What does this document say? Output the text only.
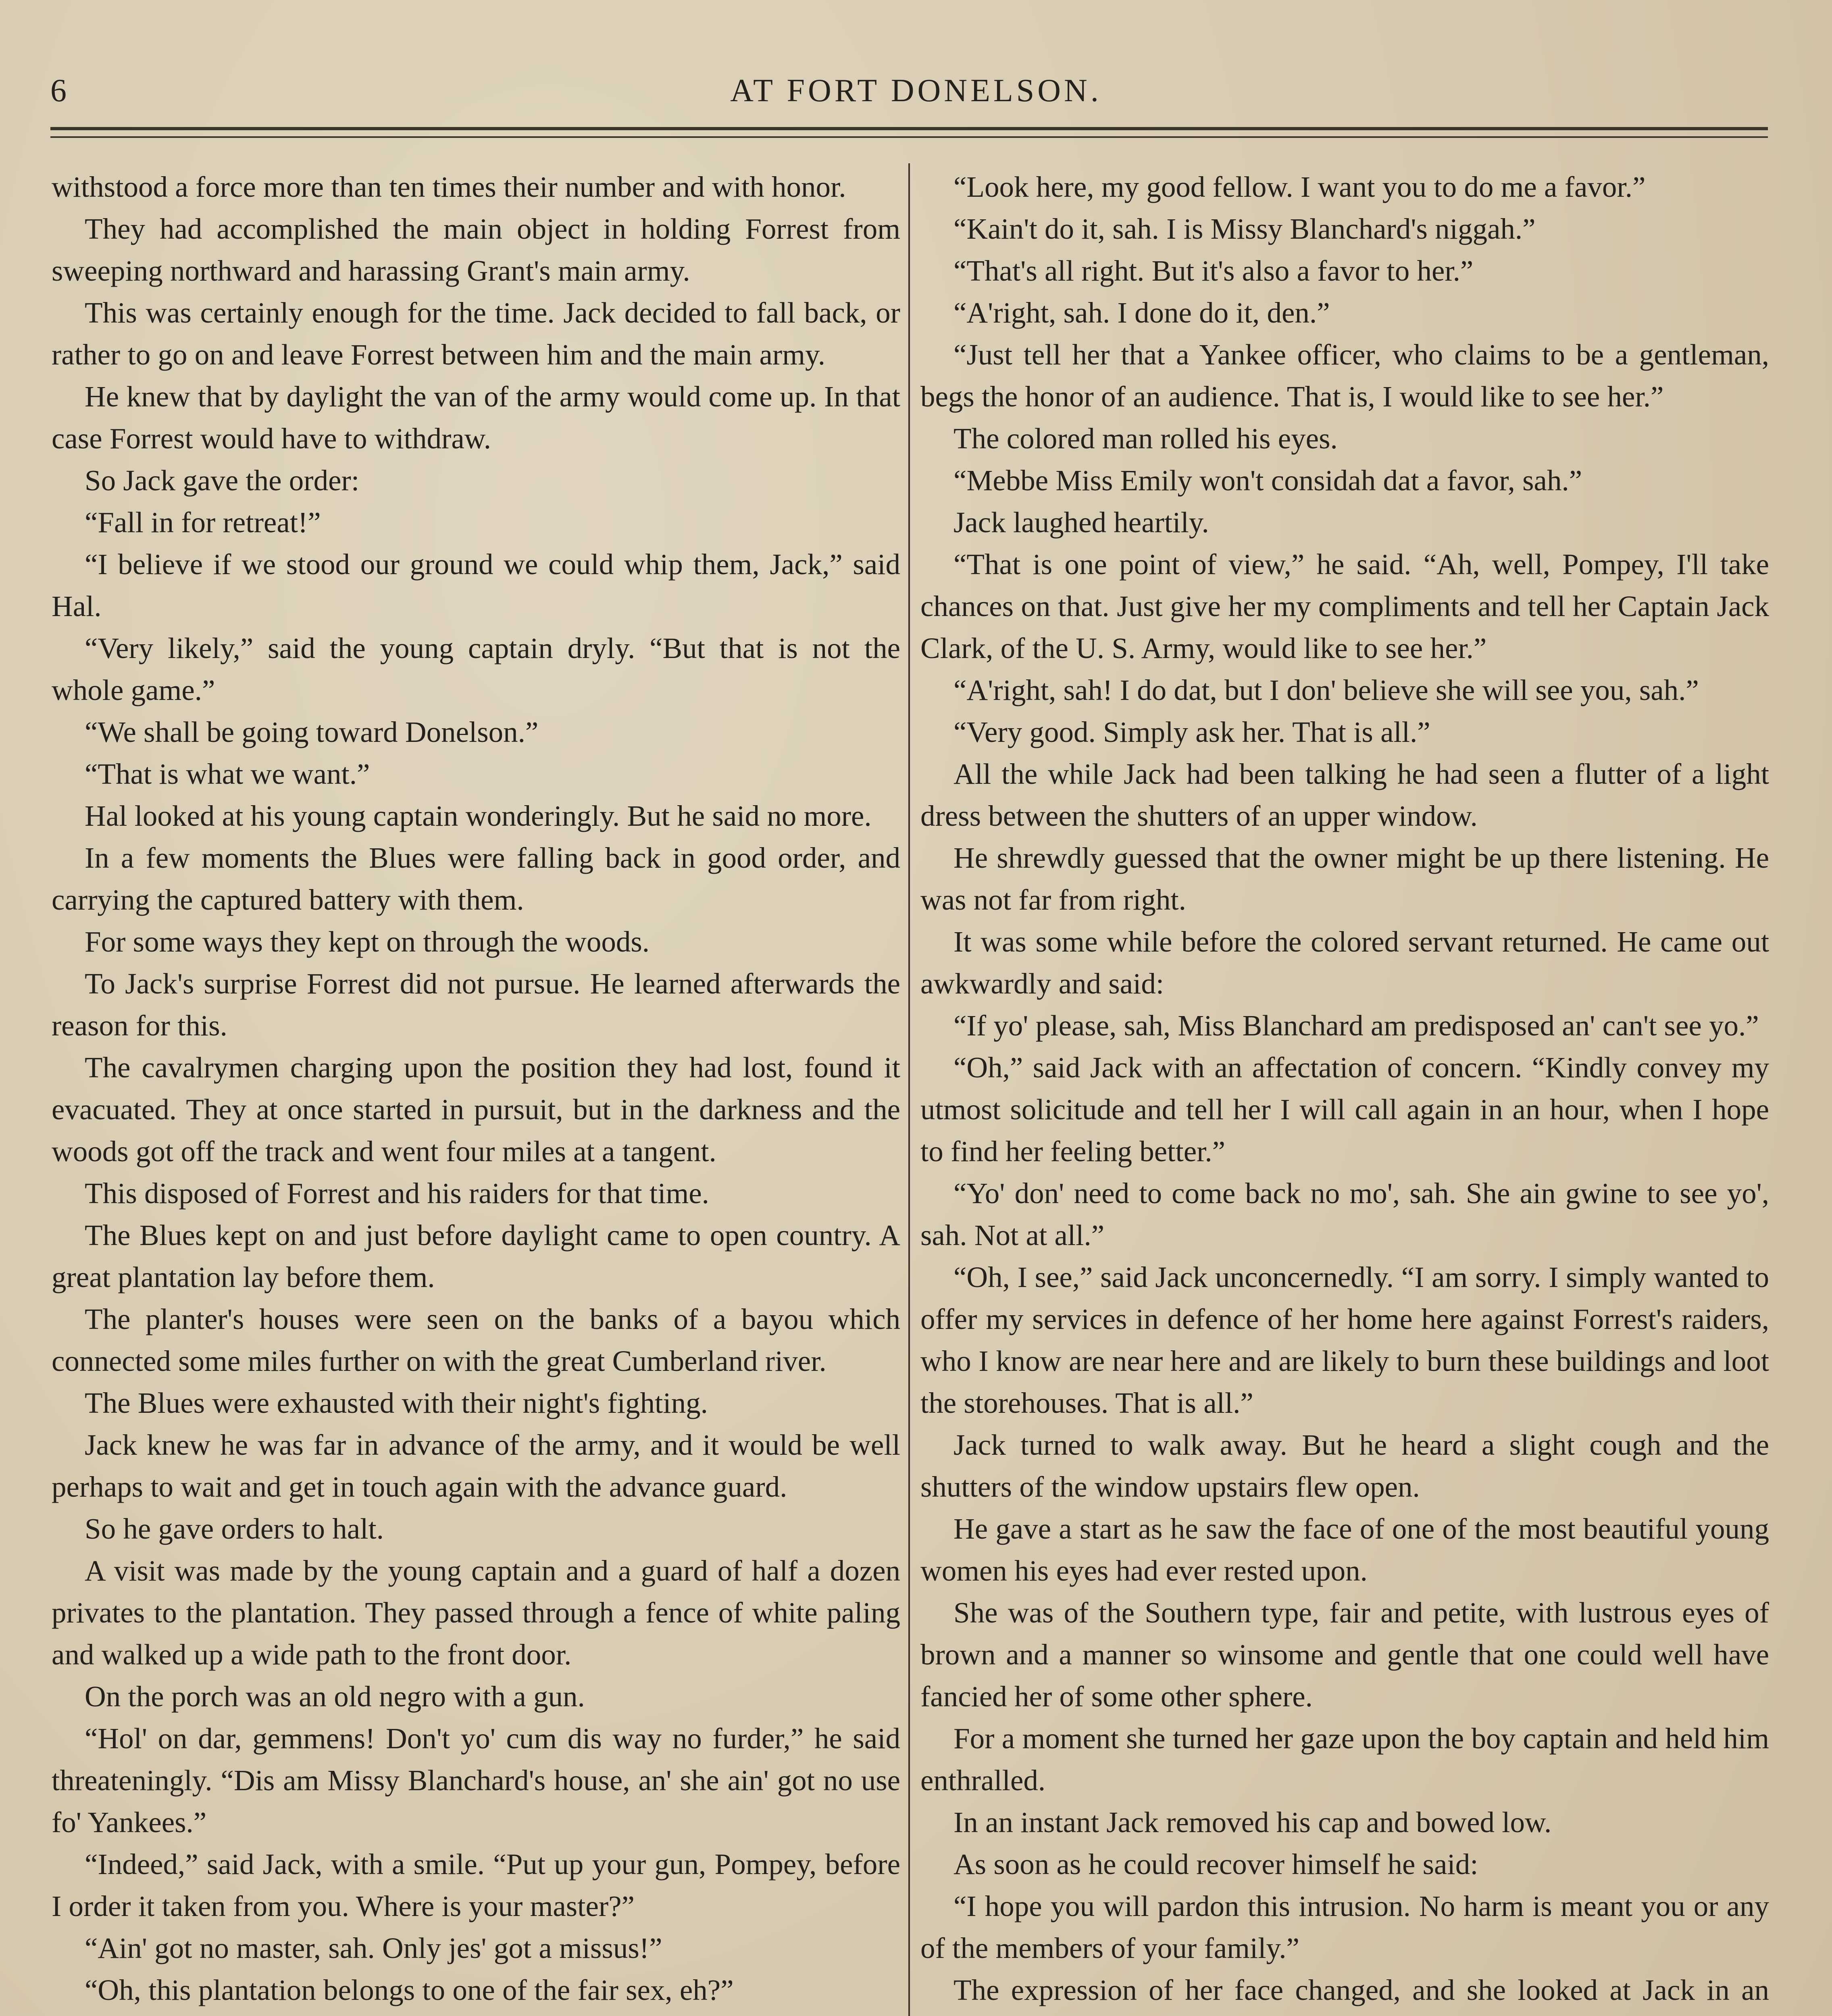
6	AT FORT DONELSON.

withstood a force more than ten times their number and with honor.

They had accomplished the main object in holding Forrest from sweeping northward and harassing Grant's main army.

This was certainly enough for the time. Jack decided to fall back, or rather to go on and leave Forrest between him and the main army.

He knew that by daylight the van of the army would come up. In that case Forrest would have to withdraw.

So Jack gave the order:

“Fall in for retreat!”

“I believe if we stood our ground we could whip them, Jack,” said Hal.

“Very likely,” said the young captain dryly. “But that is not the whole game.”

“We shall be going toward Donelson.”

“That is what we want.”

Hal looked at his young captain wonderingly. But he said no more.

In a few moments the Blues were falling back in good order, and carrying the captured battery with them.

For some ways they kept on through the woods.

To Jack's surprise Forrest did not pursue. He learned afterwards the reason for this.

The cavalrymen charging upon the position they had lost, found it evacuated. They at once started in pursuit, but in the darkness and the woods got off the track and went four miles at a tangent.

This disposed of Forrest and his raiders for that time.

The Blues kept on and just before daylight came to open country. A great plantation lay before them.

The planter's houses were seen on the banks of a bayou which connected some miles further on with the great Cumberland river.

The Blues were exhausted with their night's fighting.

Jack knew he was far in advance of the army, and it would be well perhaps to wait and get in touch again with the advance guard.

So he gave orders to halt.

A visit was made by the young captain and a guard of half a dozen privates to the plantation. They passed through a fence of white paling and walked up a wide path to the front door.

On the porch was an old negro with a gun.

“Hol' on dar, gemmens! Don't yo' cum dis way no furder,” he said threateningly. “Dis am Missy Blanchard's house, an' she ain' got no use fo' Yankees.”

“Indeed,” said Jack, with a smile. “Put up your gun, Pompey, before I order it taken from you. Where is your master?”

“Ain' got no master, sah. Only jes' got a missus!”

“Oh, this plantation belongs to one of the fair sex, eh?”

“Look here, my good fellow. I want you to do me a favor.”

“Kain't do it, sah. I is Missy Blanchard's niggah.”

“That's all right. But it's also a favor to her.”

“A'right, sah. I done do it, den.”

“Just tell her that a Yankee officer, who claims to be a gentleman, begs the honor of an audience. That is, I would like to see her.”

The colored man rolled his eyes.

“Mebbe Miss Emily won't considah dat a favor, sah.”

Jack laughed heartily.

“That is one point of view,” he said. “Ah, well, Pompey, I'll take chances on that. Just give her my compliments and tell her Captain Jack Clark, of the U. S. Army, would like to see her.”

“A'right, sah! I do dat, but I don' believe she will see you, sah.”

“Very good. Simply ask her. That is all.”

All the while Jack had been talking he had seen a flutter of a light dress between the shutters of an upper window.

He shrewdly guessed that the owner might be up there listening. He was not far from right.

It was some while before the colored servant returned. He came out awkwardly and said:

“If yo' please, sah, Miss Blanchard am predisposed an' can't see yo.”

“Oh,” said Jack with an affectation of concern. “Kindly convey my utmost solicitude and tell her I will call again in an hour, when I hope to find her feeling better.”

“Yo' don' need to come back no mo', sah. She ain gwine to see yo', sah. Not at all.”

“Oh, I see,” said Jack unconcernedly. “I am sorry. I simply wanted to offer my services in defence of her home here against Forrest's raiders, who I know are near here and are likely to burn these buildings and loot the storehouses. That is all.”

Jack turned to walk away. But he heard a slight cough and the shutters of the window upstairs flew open.

He gave a start as he saw the face of one of the most beautiful young women his eyes had ever rested upon.

She was of the Southern type, fair and petite, with lustrous eyes of brown and a manner so winsome and gentle that one could well have fancied her of some other sphere.

For a moment she turned her gaze upon the boy captain and held him enthralled.

In an instant Jack removed his cap and bowed low.

As soon as he could recover himself he said:

“I hope you will pardon this intrusion. No harm is meant you or any of the members of your family.”

The expression of her face changed, and she looked at Jack in an
